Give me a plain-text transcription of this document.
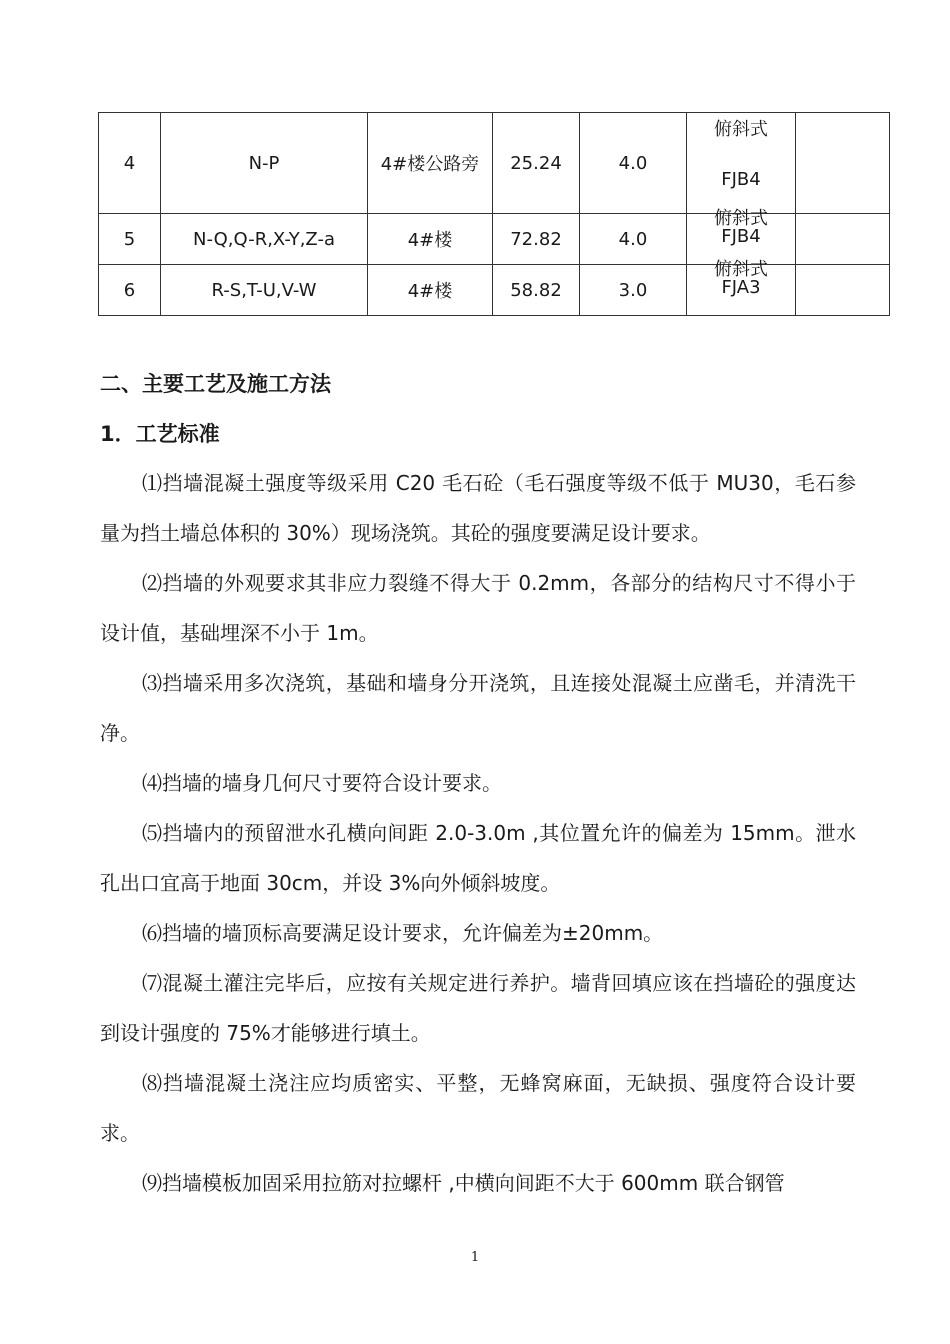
4	N-P	4#楼公路旁	25.24	4.0	俯斜式
FJB4	

5	N-Q,Q-R,X-Y,Z-a	4#楼	72.82	4.0	俯斜式
FJB4	

6	R-S,T-U,V-W	4#楼	58.82	3.0	俯斜式
FJA3	

二、主要工艺及施工方法
1．工艺标准

⑴挡墙混凝土强度等级采用 C20 毛石砼（毛石强度等级不低于 MU30，毛石参量为挡土墙总体积的 30%）现场浇筑。其砼的强度要满足设计要求。

⑵挡墙的外观要求其非应力裂缝不得大于 0.2mm，各部分的结构尺寸不得小于设计值，基础埋深不小于 1m。

⑶挡墙采用多次浇筑，基础和墙身分开浇筑，且连接处混凝土应凿毛，并清洗干净。

⑷挡墙的墙身几何尺寸要符合设计要求。

⑸挡墙内的预留泄水孔横向间距 2.0-3.0m ,其位置允许的偏差为 15mm。泄水孔出口宜高于地面 30cm，并设 3%向外倾斜坡度。

⑹挡墙的墙顶标高要满足设计要求，允许偏差为±20mm。

⑺混凝土灌注完毕后，应按有关规定进行养护。墙背回填应该在挡墙砼的强度达到设计强度的 75%才能够进行填土。

⑻挡墙混凝土浇注应均质密实、平整，无蜂窝麻面，无缺损、强度符合设计要求。

⑼挡墙模板加固采用拉筋对拉螺杆 ,中横向间距不大于 600mm 联合钢管

1
